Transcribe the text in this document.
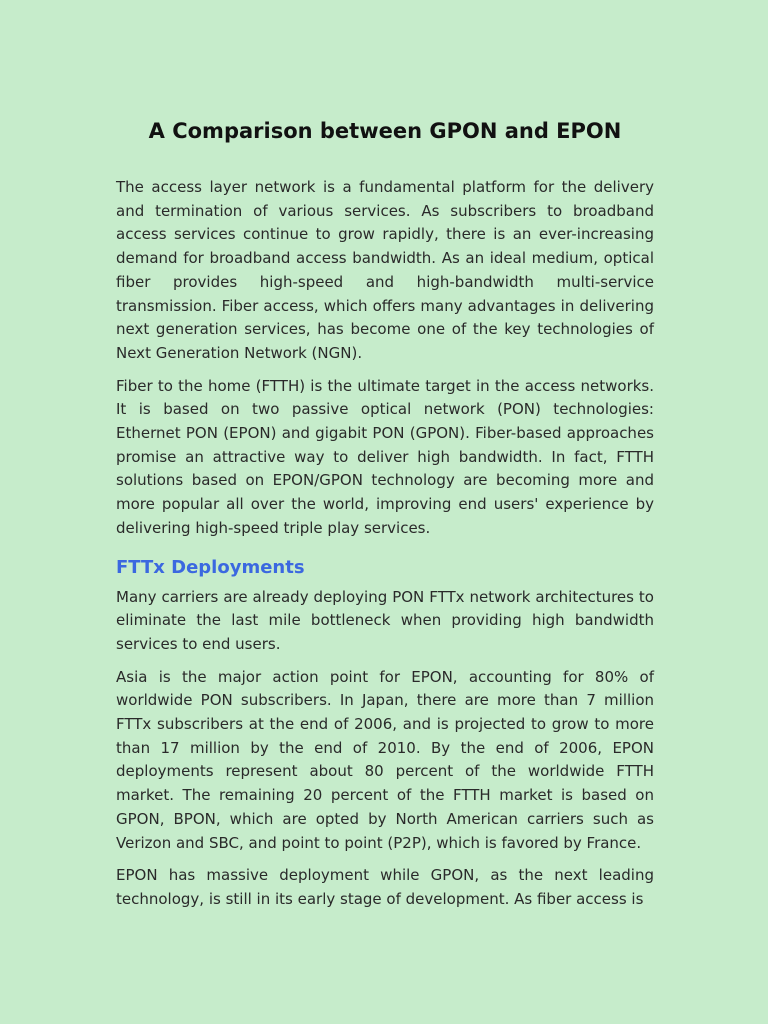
A Comparison between GPON and EPON

The access layer network is a fundamental platform for the delivery and termination of various services. As subscribers to broadband access services continue to grow rapidly, there is an ever-increasing demand for broadband access bandwidth. As an ideal medium, optical fiber provides high-speed and high-bandwidth multi-service transmission. Fiber access, which offers many advantages in delivering next generation services, has become one of the key technologies of Next Generation Network (NGN).

Fiber to the home (FTTH) is the ultimate target in the access networks. It is based on two passive optical network (PON) technologies: Ethernet PON (EPON) and gigabit PON (GPON). Fiber-based approaches promise an attractive way to deliver high bandwidth. In fact, FTTH solutions based on EPON/GPON technology are becoming more and more popular all over the world, improving end users' experience by delivering high-speed triple play services.

FTTx Deployments

Many carriers are already deploying PON FTTx network architectures to eliminate the last mile bottleneck when providing high bandwidth services to end users.

Asia is the major action point for EPON, accounting for 80% of worldwide PON subscribers. In Japan, there are more than 7 million FTTx subscribers at the end of 2006, and is projected to grow to more than 17 million by the end of 2010. By the end of 2006, EPON deployments represent about 80 percent of the worldwide FTTH market. The remaining 20 percent of the FTTH market is based on GPON, BPON, which are opted by North American carriers such as Verizon and SBC, and point to point (P2P), which is favored by France.

EPON has massive deployment while GPON, as the next leading technology, is still in its early stage of development. As fiber access is
